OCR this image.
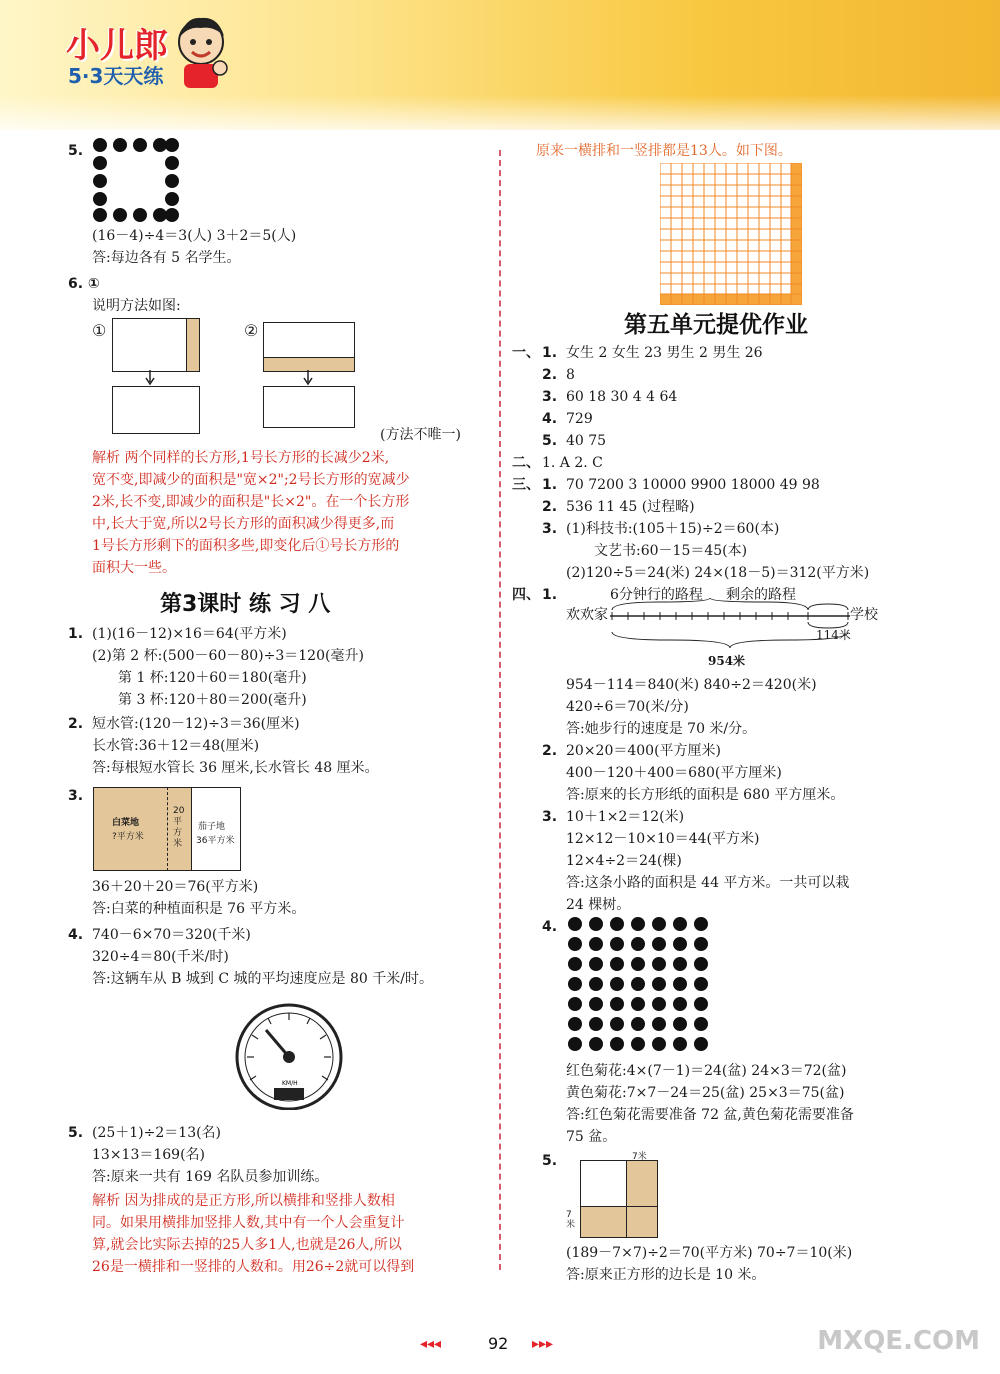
小儿郎
5·3天天练
5.
(16－4)÷4＝3(人) 3＋2＝5(人)
答:每边各有 5 名学生。
6. ①
说明方法如图:
①	②
(方法不唯一)
解析 两个同样的长方形,1号长方形的长减少2米,
宽不变,即减少的面积是"宽×2";2号长方形的宽减少
2米,长不变,即减少的面积是"长×2"。在一个长方形
中,长大于宽,所以2号长方形的面积减少得更多,而
1号长方形剩下的面积多些,即变化后①号长方形的
面积大一些。
第3课时 练 习 八
1. (1)(16－12)×16＝64(平方米)
(2)第 2 杯:(500－60－80)÷3＝120(毫升)
第 1 杯:120＋60＝180(毫升)
第 3 杯:120＋80＝200(毫升)
2. 短水管:(120－12)÷3＝36(厘米)
长水管:36＋12＝48(厘米)
答:每根短水管长 36 厘米,长水管长 48 厘米。
3.
白菜地
?平方米
20平方米
茄子地
36平方米
36＋20＋20＝76(平方米)
答:白菜的种植面积是 76 平方米。
4. 740－6×70＝320(千米)
320÷4＝80(千米/时)
答:这辆车从 B 城到 C 城的平均速度应是 80 千米/时。
KM/H
5. (25＋1)÷2＝13(名)
13×13＝169(名)
答:原来一共有 169 名队员参加训练。
解析 因为排成的是正方形,所以横排和竖排人数相
同。如果用横排加竖排人数,其中有一个人会重复计
算,就会比实际去掉的25人多1人,也就是26人,所以
26是一横排和一竖排的人数和。用26÷2就可以得到
原来一横排和一竖排都是13人。如下图。
第五单元提优作业
一、 1. 女生 2 女生 23 男生 2 男生 26
2. 8
3. 60 18 30 4 4 64
4. 729
5. 40 75
二、 1. A 2. C
三、 1. 70 7200 3 10000 9900 18000 49 98
2. 536 11 45 (过程略)
3. (1)科技书:(105＋15)÷2＝60(本)
文艺书:60－15＝45(本)
(2)120÷5＝24(米) 24×(18－5)＝312(平方米)
四、 1.	6分钟行的路程 剩余的路程
欢欢家	学校
114米
954米
954－114＝840(米) 840÷2＝420(米)
420÷6＝70(米/分)
答:她步行的速度是 70 米/分。
2. 20×20＝400(平方厘米)
400－120＋400＝680(平方厘米)
答:原来的长方形纸的面积是 680 平方厘米。
3. 10＋1×2＝12(米)
12×12－10×10＝44(平方米)
12×4÷2＝24(棵)
答:这条小路的面积是 44 平方米。一共可以栽
24 棵树。
4.
红色菊花:4×(7－1)＝24(盆) 24×3＝72(盆)
黄色菊花:7×7－24＝25(盆) 25×3＝75(盆)
答:红色菊花需要准备 72 盆,黄色菊花需要准备
75 盆。
5.	7米
7米
(189－7×7)÷2＝70(平方米) 70÷7＝10(米)
答:原来正方形的边长是 10 米。
◂◂◂	92 ▸▸▸	MXQE.COM
